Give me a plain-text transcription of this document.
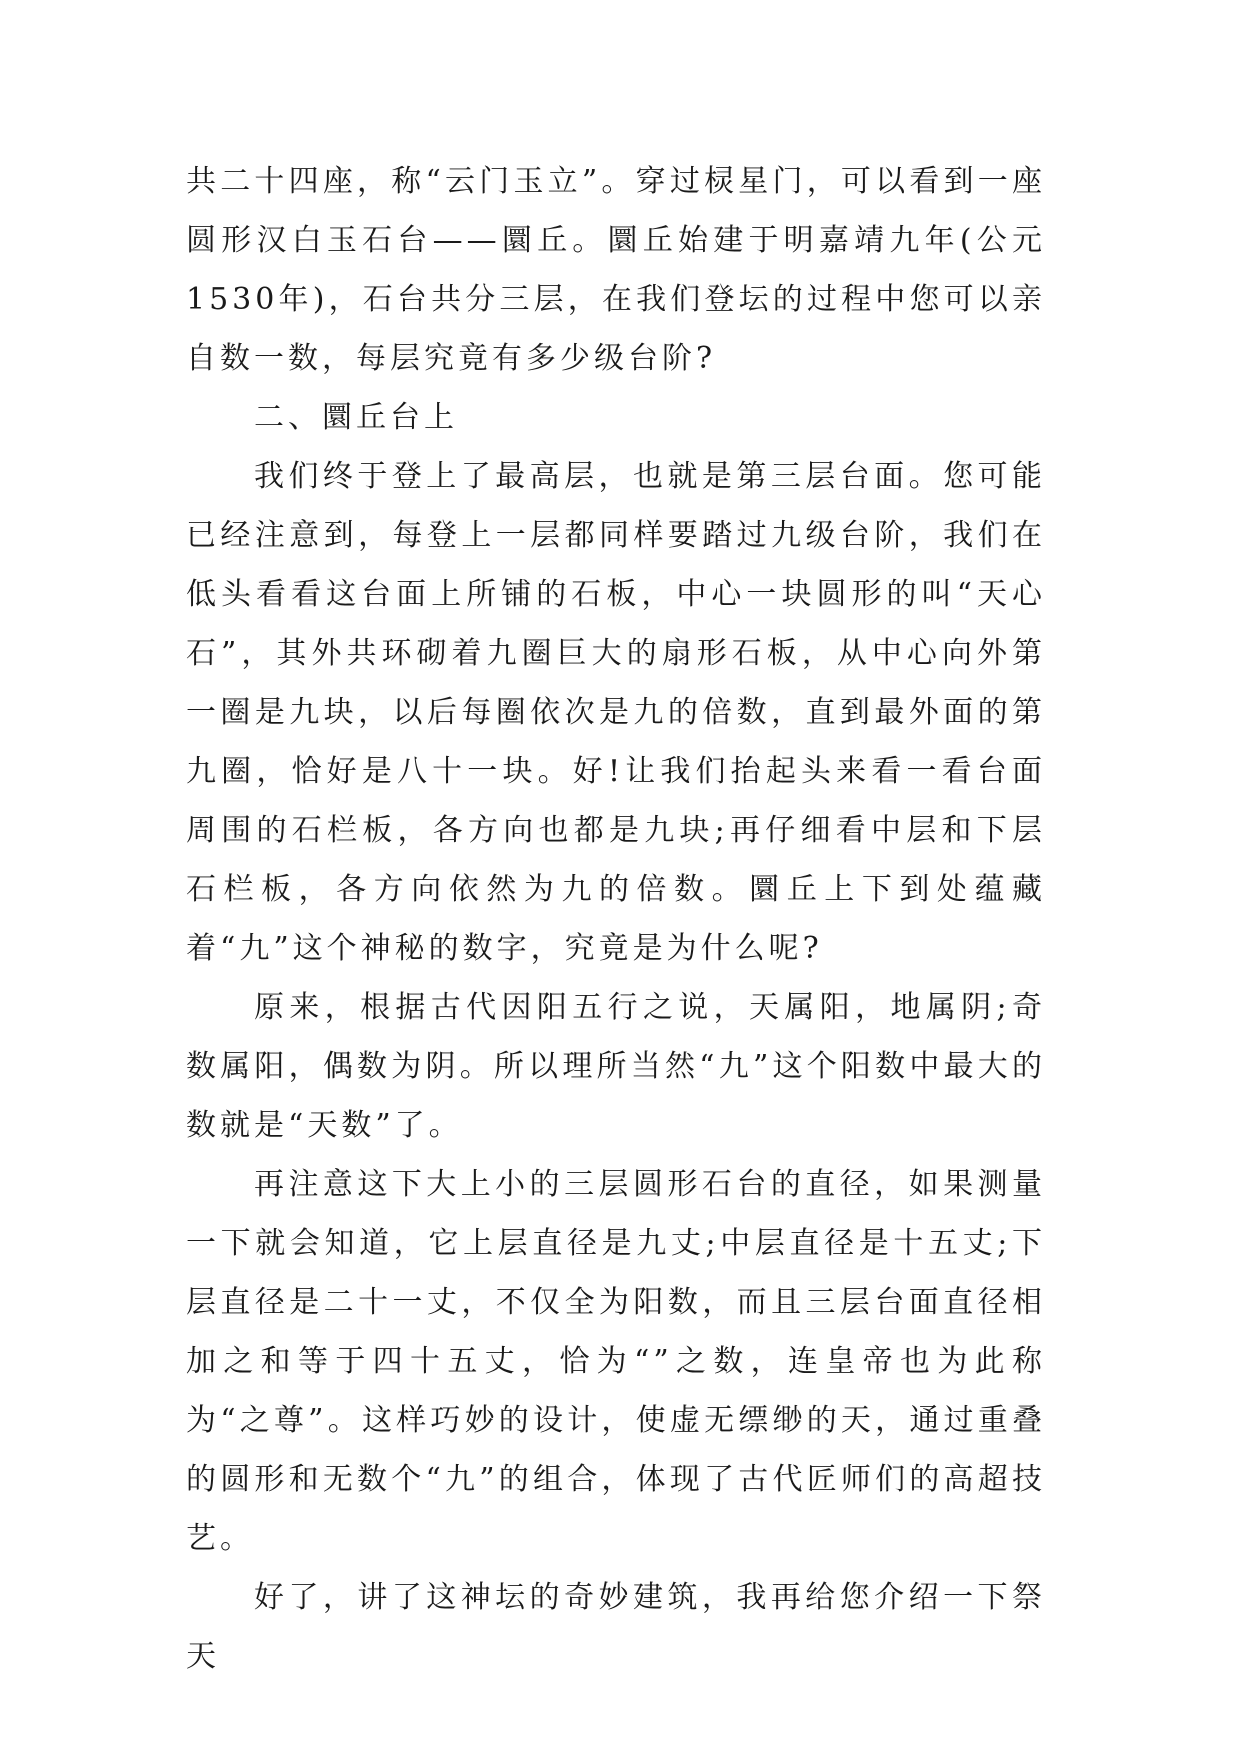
共二十四座，称“云门玉立”。穿过棂星门，可以看到一座圆形汉白玉石台——圜丘。圜丘始建于明嘉靖九年(公元1530年)，石台共分三层，在我们登坛的过程中您可以亲自数一数，每层究竟有多少级台阶?

二、圜丘台上

我们终于登上了最高层，也就是第三层台面。您可能已经注意到，每登上一层都同样要踏过九级台阶，我们在低头看看这台面上所铺的石板，中心一块圆形的叫“天心石”，其外共环砌着九圈巨大的扇形石板，从中心向外第一圈是九块，以后每圈依次是九的倍数，直到最外面的第九圈，恰好是八十一块。好!让我们抬起头来看一看台面周围的石栏板，各方向也都是九块;再仔细看中层和下层石栏板，各方向依然为九的倍数。圜丘上下到处蕴藏着“九”这个神秘的数字，究竟是为什么呢?

原来，根据古代因阳五行之说，天属阳，地属阴;奇数属阳，偶数为阴。所以理所当然“九”这个阳数中最大的数就是“天数”了。

再注意这下大上小的三层圆形石台的直径，如果测量一下就会知道，它上层直径是九丈;中层直径是十五丈;下层直径是二十一丈，不仅全为阳数，而且三层台面直径相加之和等于四十五丈，恰为“”之数，连皇帝也为此称为“之尊”。这样巧妙的设计，使虚无缥缈的天，通过重叠的圆形和无数个“九”的组合，体现了古代匠师们的高超技艺。

好了，讲了这神坛的奇妙建筑，我再给您介绍一下祭天
